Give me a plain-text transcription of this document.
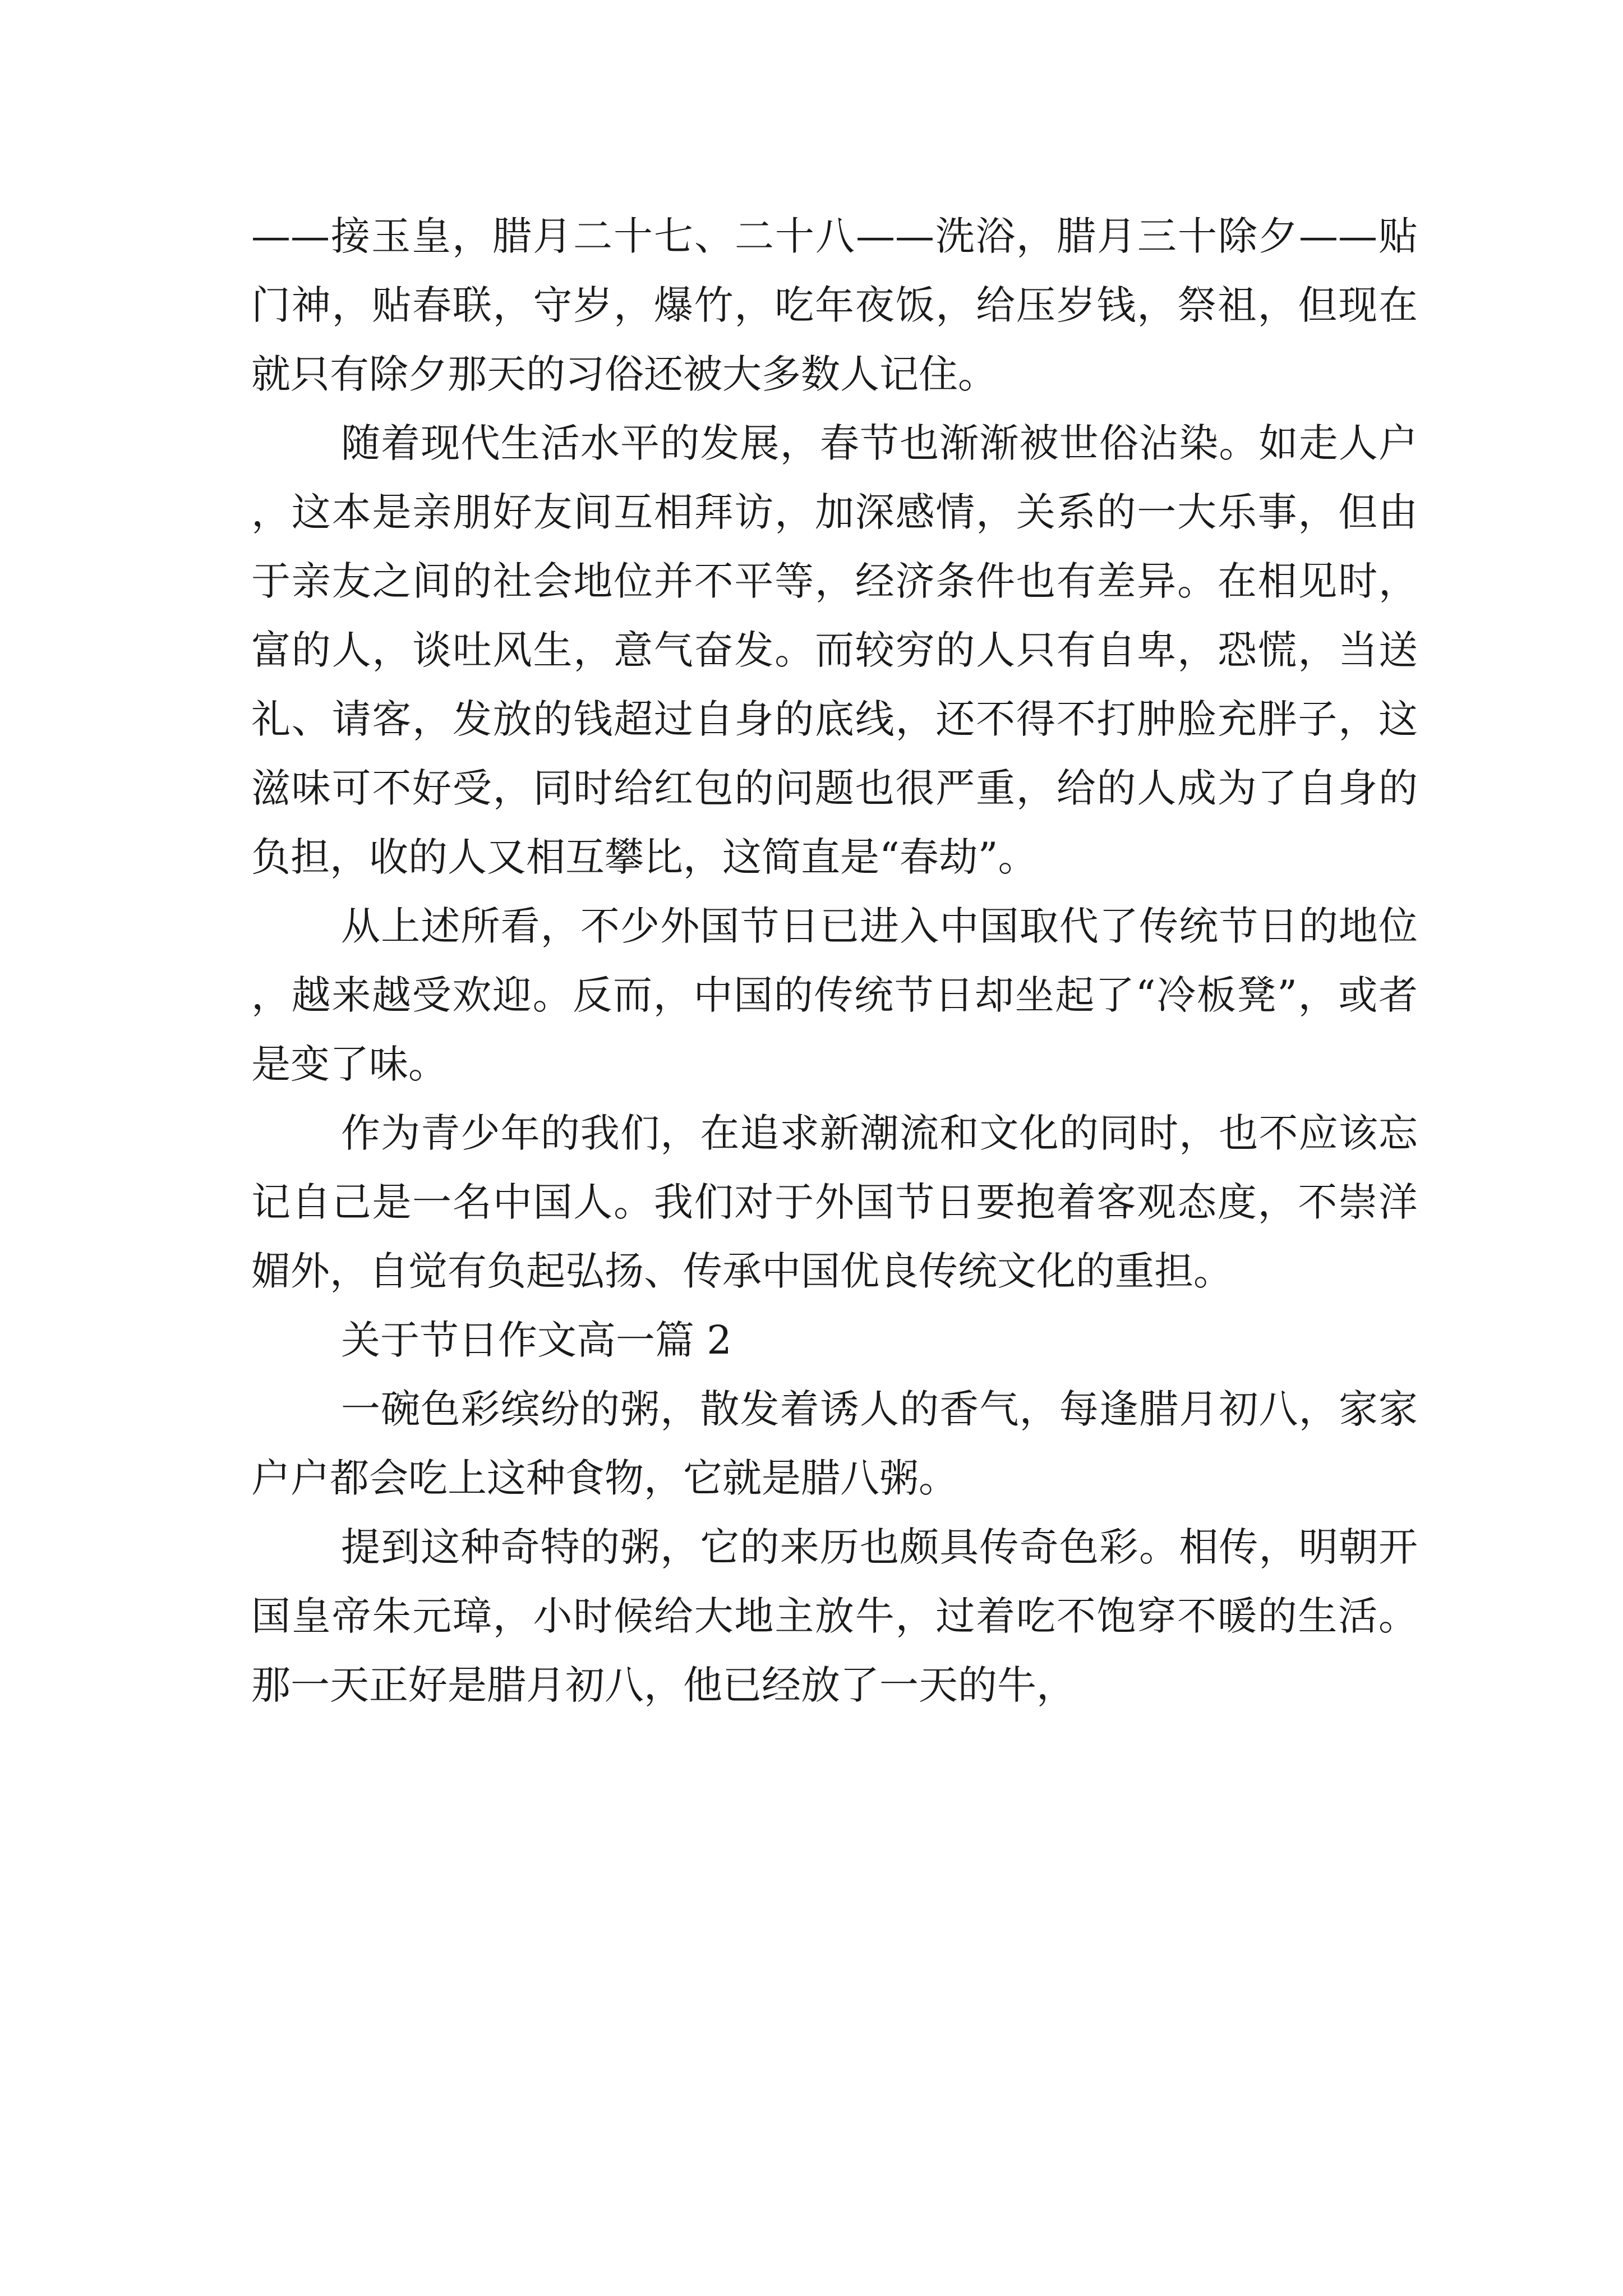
——接玉皇，腊月二十七、二十八——洗浴，腊月三十除夕——贴门神，贴春联，守岁，爆竹，吃年夜饭，给压岁钱，祭祖，但现在就只有除夕那天的习俗还被大多数人记住。

随着现代生活水平的发展，春节也渐渐被世俗沾染。如走人户，这本是亲朋好友间互相拜访，加深感情，关系的一大乐事，但由于亲友之间的社会地位并不平等，经济条件也有差异。在相见时，富的人，谈吐风生，意气奋发。而较穷的人只有自卑，恐慌，当送礼、请客，发放的钱超过自身的底线，还不得不打肿脸充胖子，这滋味可不好受，同时给红包的问题也很严重，给的人成为了自身的负担，收的人又相互攀比，这简直是“春劫”。

从上述所看，不少外国节日已进入中国取代了传统节日的地位，越来越受欢迎。反而，中国的传统节日却坐起了“冷板凳”，或者是变了味。

作为青少年的我们，在追求新潮流和文化的同时，也不应该忘记自己是一名中国人。我们对于外国节日要抱着客观态度，不崇洋媚外，自觉有负起弘扬、传承中国优良传统文化的重担。

关于节日作文高一篇 2

一碗色彩缤纷的粥，散发着诱人的香气，每逢腊月初八，家家户户都会吃上这种食物，它就是腊八粥。

提到这种奇特的粥，它的来历也颇具传奇色彩。相传，明朝开国皇帝朱元璋，小时候给大地主放牛，过着吃不饱穿不暖的生活。那一天正好是腊月初八，他已经放了一天的牛，
